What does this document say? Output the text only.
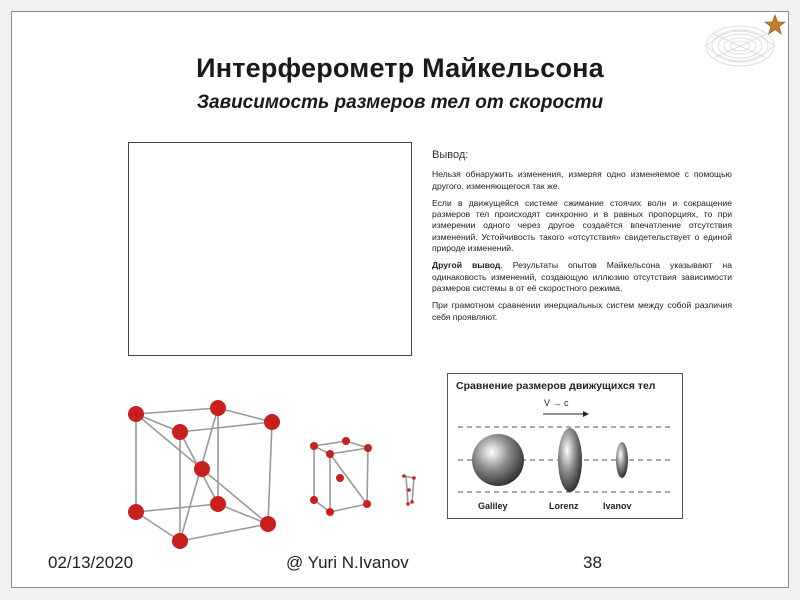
Интерферометр Майкельсона
Зависимость размеров тел от скорости
Вывод:

Нельзя обнаружить изменения, измеряя одно изменяемое с помощью другого, изменяющегося так же.

Если в движущейся системе сжимание стоячих волн и сокращение размеров тел происходят синхронно и в равных пропорциях, то при измерении одного через другое создаётся впечатление отсутствия изменений. Устойчивость такого «отсутствия» свидетельствует о единой природе изменений.

Другой вывод. Результаты опытов Майкельсона указывают на одинаковость изменений, создающую иллюзию отсутствия зависимости размеров системы в от её скоростного режима.

При грамотном сравнении инерциальных систем между собой различия себя проявляют.

Сравнение размеров движущихся тел
V → c
Galiley	Lorenz	Ivanov
02/13/2020	@ Yuri N.Ivanov	38
